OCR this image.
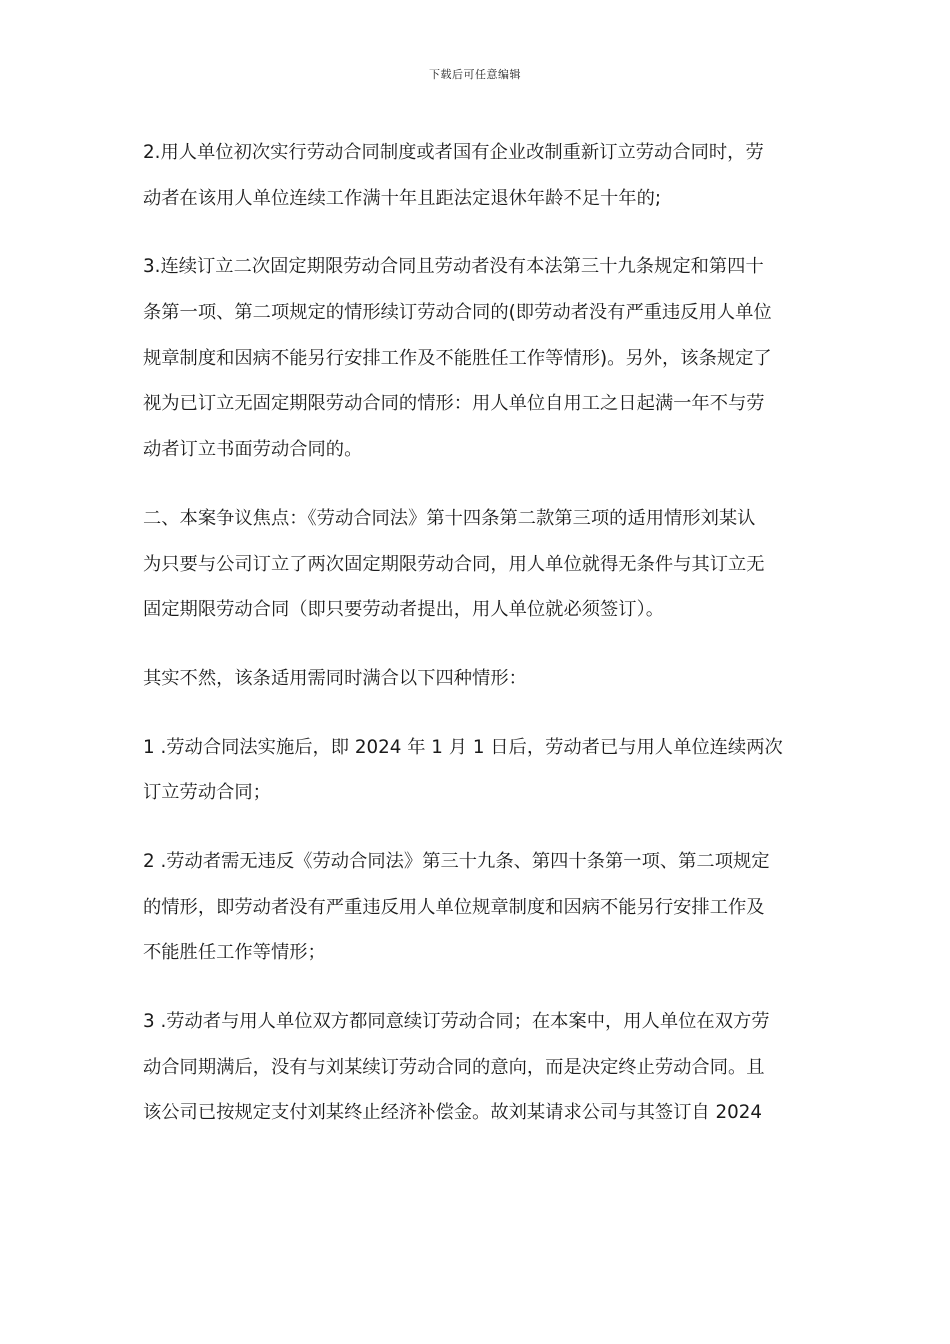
下载后可任意编辑
2.用人单位初次实行劳动合同制度或者国有企业改制重新订立劳动合同时，劳
动者在该用人单位连续工作满十年且距法定退休年龄不足十年的;
3.连续订立二次固定期限劳动合同且劳动者没有本法第三十九条规定和第四十
条第一项、第二项规定的情形续订劳动合同的(即劳动者没有严重违反用人单位
规章制度和因病不能另行安排工作及不能胜任工作等情形)。另外，该条规定了
视为已订立无固定期限劳动合同的情形：用人单位自用工之日起满一年不与劳
动者订立书面劳动合同的。
二、本案争议焦点：《劳动合同法》第十四条第二款第三项的适用情形刘某认
为只要与公司订立了两次固定期限劳动合同，用人单位就得无条件与其订立无
固定期限劳动合同（即只要劳动者提出，用人单位就必须签订）。
其实不然，该条适用需同时满合以下四种情形：
1 .劳动合同法实施后，即 2024 年 1 月 1 日后，劳动者已与用人单位连续两次
订立劳动合同；
2 .劳动者需无违反《劳动合同法》第三十九条、第四十条第一项、第二项规定
的情形，即劳动者没有严重违反用人单位规章制度和因病不能另行安排工作及
不能胜任工作等情形；
3 .劳动者与用人单位双方都同意续订劳动合同；在本案中，用人单位在双方劳
动合同期满后，没有与刘某续订劳动合同的意向，而是决定终止劳动合同。且
该公司已按规定支付刘某终止经济补偿金。故刘某请求公司与其签订自 2024
